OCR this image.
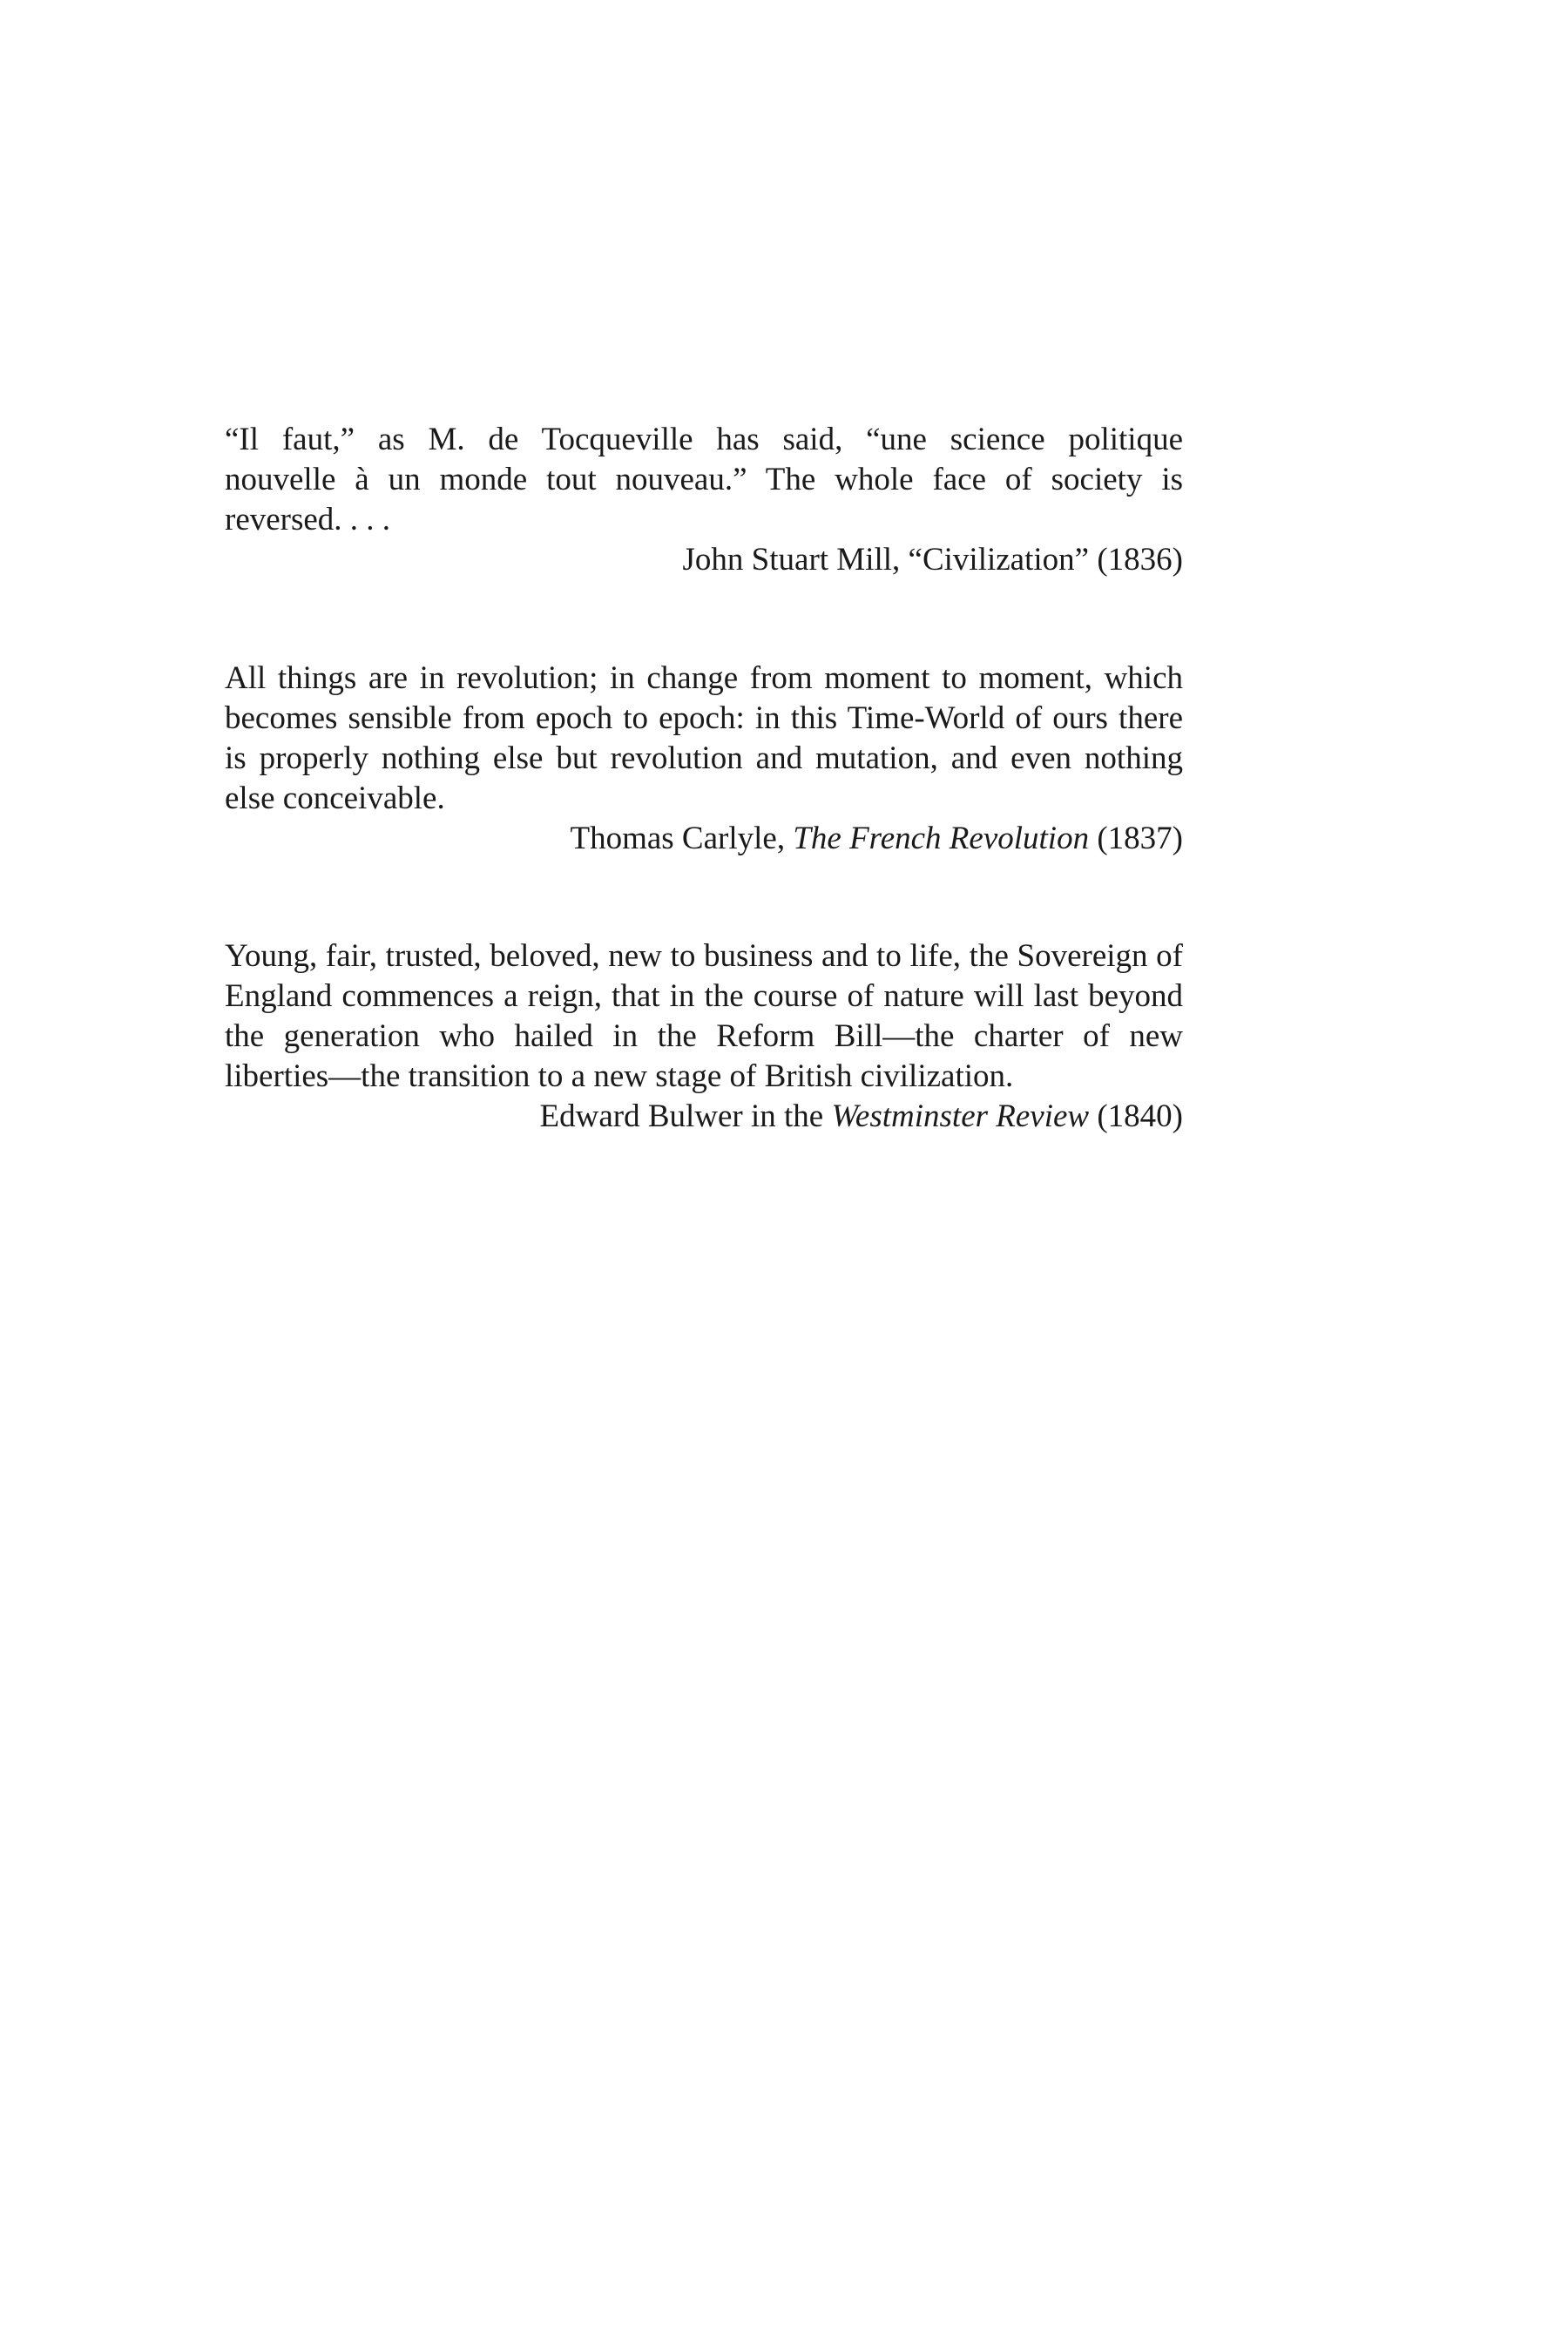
“Il faut,” as M. de Tocqueville has said, “une science politique
nouvelle à un monde tout nouveau.” The whole face of society is
reversed. . . .

John Stuart Mill, “Civilization” (1836)

All things are in revolution; in change from moment to moment, which
becomes sensible from epoch to epoch: in this Time-World of ours there
is properly nothing else but revolution and mutation, and even nothing
else conceivable.

Thomas Carlyle, The French Revolution (1837)

Young, fair, trusted, beloved, new to business and to life, the Sovereign of
England commences a reign, that in the course of nature will last beyond
the generation who hailed in the Reform Bill—the charter of new
liberties—the transition to a new stage of British civilization.

Edward Bulwer in the Westminster Review (1840)
